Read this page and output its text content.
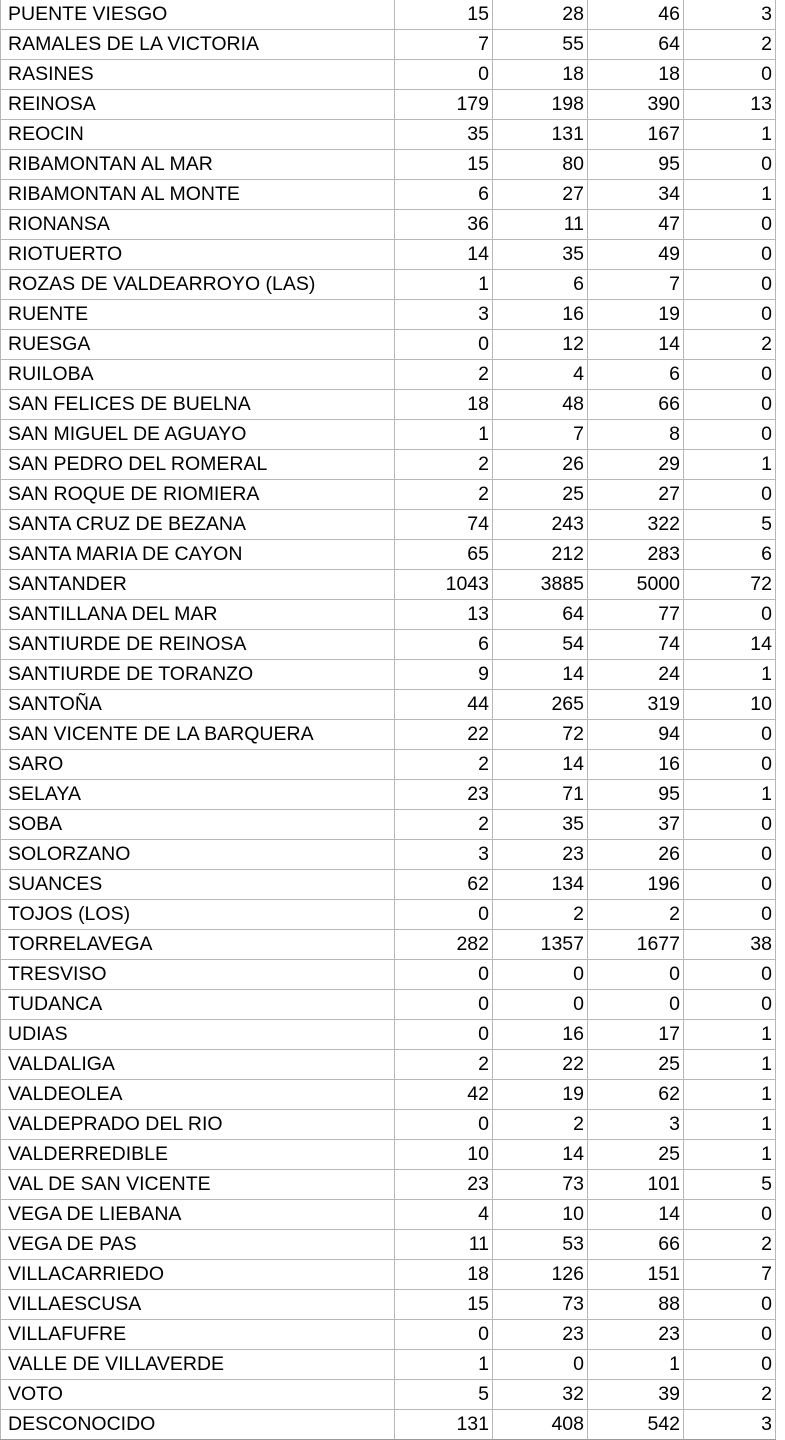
PUENTE VIESGO	15	28	46	3
RAMALES DE LA VICTORIA	7	55	64	2
RASINES	0	18	18	0
REINOSA	179	198	390	13
REOCIN	35	131	167	1
RIBAMONTAN AL MAR	15	80	95	0
RIBAMONTAN AL MONTE	6	27	34	1
RIONANSA	36	11	47	0
RIOTUERTO	14	35	49	0
ROZAS DE VALDEARROYO (LAS)	1	6	7	0
RUENTE	3	16	19	0
RUESGA	0	12	14	2
RUILOBA	2	4	6	0
SAN FELICES DE BUELNA	18	48	66	0
SAN MIGUEL DE AGUAYO	1	7	8	0
SAN PEDRO DEL ROMERAL	2	26	29	1
SAN ROQUE DE RIOMIERA	2	25	27	0
SANTA CRUZ DE BEZANA	74	243	322	5
SANTA MARIA DE CAYON	65	212	283	6
SANTANDER	1043	3885	5000	72
SANTILLANA DEL MAR	13	64	77	0
SANTIURDE DE REINOSA	6	54	74	14
SANTIURDE DE TORANZO	9	14	24	1
SANTOÑA	44	265	319	10
SAN VICENTE DE LA BARQUERA	22	72	94	0
SARO	2	14	16	0
SELAYA	23	71	95	1
SOBA	2	35	37	0
SOLORZANO	3	23	26	0
SUANCES	62	134	196	0
TOJOS (LOS)	0	2	2	0
TORRELAVEGA	282	1357	1677	38
TRESVISO	0	0	0	0
TUDANCA	0	0	0	0
UDIAS	0	16	17	1
VALDALIGA	2	22	25	1
VALDEOLEA	42	19	62	1
VALDEPRADO DEL RIO	0	2	3	1
VALDERREDIBLE	10	14	25	1
VAL DE SAN VICENTE	23	73	101	5
VEGA DE LIEBANA	4	10	14	0
VEGA DE PAS	11	53	66	2
VILLACARRIEDO	18	126	151	7
VILLAESCUSA	15	73	88	0
VILLAFUFRE	0	23	23	0
VALLE DE VILLAVERDE	1	0	1	0
VOTO	5	32	39	2
DESCONOCIDO	131	408	542	3
